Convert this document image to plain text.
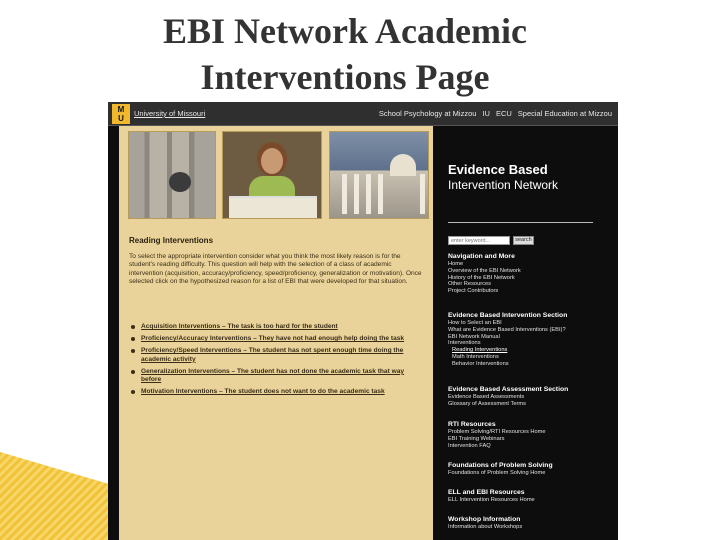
EBI Network Academic
Interventions Page
M
U
University of Missouri	School Psychology at Mizzou IU ECU Special Education at Mizzou
Reading Interventions

To select the appropriate intervention consider what you think the most likely reason is for the student's reading difficulty. This question will help with the selection of a class of academic intervention (acquisition, accuracy/proficiency, speed/proficiency, generalization or motivation). Once selected click on the hypothesized reason for a list of EBI that were developed for that situation.

Acquisition Interventions – The task is too hard for the student
Proficiency/Accuracy Interventions – They have not had enough help doing the task
Proficiency/Speed Interventions – The student has not spent enough time doing the academic activity
Generalization Interventions – The student has not done the academic task that way before
Motivation Interventions – The student does not want to do the academic task
Evidence Based
Intervention Network
enter keyword...
search
Navigation and More
Home
Overview of the EBI Network
History of the EBI Network
Other Resources
Project Contributors
Evidence Based Intervention Section
How to Select an EBI
What are Evidence Based Interventions (EBI)?
EBI Network Manual
Interventions
Reading Interventions
Math Interventions
Behavior Interventions
Evidence Based Assessment Section
Evidence Based Assessments
Glossary of Assessment Terms
RTI Resources
Problem Solving/RTI Resources Home
EBI Training Webinars
Intervention FAQ
Foundations of Problem Solving
Foundations of Problem Solving Home
ELL and EBI Resources
ELL Intervention Resources Home
Workshop Information
Information about Workshops
